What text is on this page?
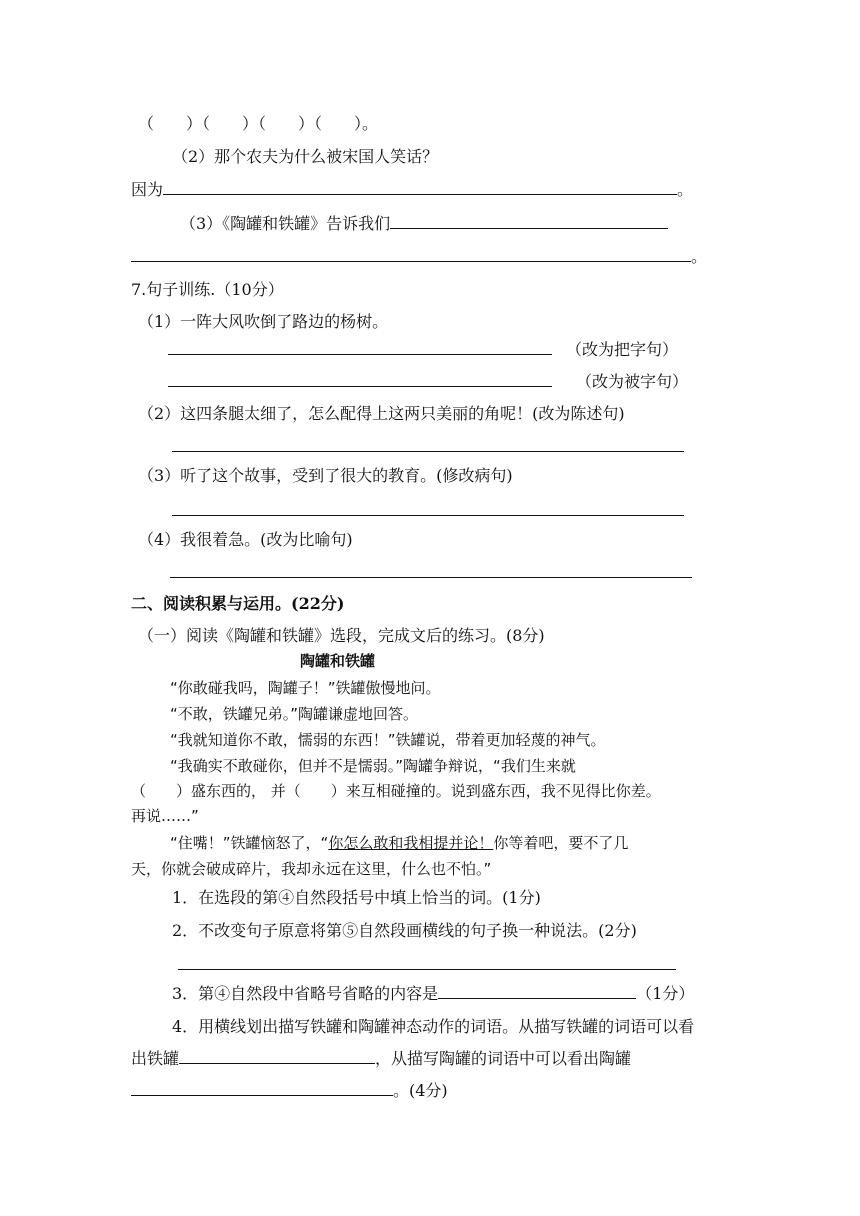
（　　）（　　）（　　）（　　）。
（2）那个农夫为什么被宋国人笑话？
因为	。
（3）《陶罐和铁罐》告诉我们
。
7.句子训练.（10分）
（1）一阵大风吹倒了路边的杨树。
（改为把字句）
（改为被字句）
（2）这四条腿太细了，怎么配得上这两只美丽的角呢！(改为陈述句)
（3）听了这个故事，受到了很大的教育。(修改病句)
（4）我很着急。(改为比喻句)
二、阅读积累与运用。(22分)
（一）阅读《陶罐和铁罐》选段，完成文后的练习。(8分)
陶罐和铁罐
“你敢碰我吗，陶罐子！”铁罐傲慢地问。
“不敢，铁罐兄弟。”陶罐谦虚地回答。
“我就知道你不敢，懦弱的东西！”铁罐说，带着更加轻蔑的神气。
“我确实不敢碰你，但并不是懦弱。”陶罐争辩说，“我们生来就
（　　）盛东西的， 并（　　）来互相碰撞的。说到盛东西，我不见得比你差。
再说……”
“住嘴！”铁罐恼怒了，“你怎么敢和我相提并论！你等着吧，要不了几
天，你就会破成碎片，我却永远在这里，什么也不怕。”
1．在选段的第④自然段括号中填上恰当的词。(1分)
2．不改变句子原意将第⑤自然段画横线的句子换一种说法。(2分)
3．第④自然段中省略号省略的内容是	（1分）
4．用横线划出描写铁罐和陶罐神态动作的词语。从描写铁罐的词语可以看
出铁罐	，从描写陶罐的词语中可以看出陶罐
。(4分)
